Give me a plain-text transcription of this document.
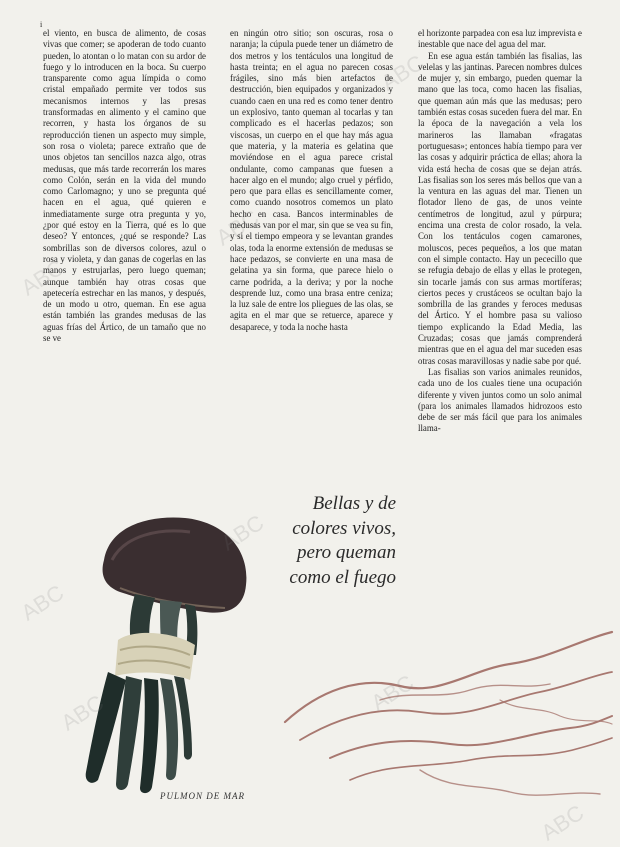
i

el viento, en busca de alimento, de cosas vivas que comer; se apoderan de todo cuanto pueden, lo atontan o lo matan con su ardor de fuego y lo introducen en la boca. Su cuerpo transparente como agua límpida o como cristal empañado permite ver todos sus mecanismos internos y las presas transformadas en alimento y el camino que recorren, y hasta los órganos de su reproducción tienen un aspecto muy simple, son rosa o violeta; parece extraño que de unos objetos tan sencillos nazca algo, otras medusas, que más tarde recorrerán los mares como Colón, serán en la vida del mundo como Carlomagno; y uno se pregunta qué hacen en el agua, qué quieren e inmediatamente surge otra pregunta y yo, ¿por qué estoy en la Tierra, qué es lo que deseo? Y entonces, ¿qué se responde? Las sombrillas son de diversos colores, azul o rosa y violeta, y dan ganas de cogerlas en las manos y estrujarlas, pero luego queman; aunque también hay otras cosas que apetecería estrechar en las manos, y después, de un modo u otro, queman. En ese agua están también las grandes medusas de las aguas frías del Ártico, de un tamaño que no se ve

en ningún otro sitio; son oscuras, rosa o naranja; la cúpula puede tener un diámetro de dos metros y los tentáculos una longitud de hasta treinta; en el agua no parecen cosas frágiles, sino más bien artefactos de destrucción, bien equipados y organizados y cuando caen en una red es como tener dentro un explosivo, tanto queman al tocarlas y tan complicado es el hacerlas pedazos; son viscosas, un cuerpo en el que hay más agua que materia, y la materia es gelatina que moviéndose en el agua parece cristal ondulante, como campanas que fuesen a hacer algo en el mundo; algo cruel y pérfido, pero que para ellas es sencillamente comer, como cuando nosotros comemos un plato hecho en casa. Bancos interminables de medusas van por el mar, sin que se vea su fin, y si el tiempo empeora y se levantan grandes olas, toda la enorme extensión de medusas se hace pedazos, se convierte en una masa de gelatina ya sin forma, que parece hielo o carne podrida, a la deriva; y por la noche desprende luz, como una brasa entre ceniza; la luz sale de entre los pliegues de las olas, se agita en el mar que se retuerce, aparece y desaparece, y toda la noche hasta

el horizonte parpadea con esa luz imprevista e inestable que nace del agua del mar.

En ese agua están también las fisalias, las velelas y las jantinas. Parecen nombres dulces de mujer y, sin embargo, pueden quemar la mano que las toca, como hacen las fisalias, que queman aún más que las medusas; pero también estas cosas suceden fuera del mar. En la época de la navegación a vela los marineros las llamaban «fragatas portuguesas»; entonces había tiempo para ver las cosas y adquirir práctica de ellas; ahora la vida está hecha de cosas que se dejan atrás. Las fisalias son los seres más bellos que van a la ventura en las aguas del mar. Tienen un flotador lleno de gas, de unos veinte centímetros de longitud, azul y púrpura; encima una cresta de color rosado, la vela. Con los tentáculos cogen camarones, moluscos, peces pequeños, a los que matan con el simple contacto. Hay un pececillo que se refugia debajo de ellas y ellas le protegen, sin tocarle jamás con sus armas mortíferas; ciertos peces y crustáceos se ocultan bajo la sombrilla de las grandes y feroces medusas del Ártico. Y el hombre pasa su valioso tiempo explicando la Edad Media, las Cruzadas; cosas que jamás comprenderá mientras que en el agua del mar suceden esas otras cosas maravillosas y nadie sabe por qué.

Las fisalias son varios animales reunidos, cada uno de los cuales tiene una ocupación diferente y viven juntos como un solo animal (para los animales llamados hidrozoos esto debe de ser más fácil que para los animales llama-

Bellas y de
colores vivos,
pero queman
como el fuego
PULMON DE MAR
ABC
ABC
ABC
ABC
ABC
ABC
ABC
ABC
